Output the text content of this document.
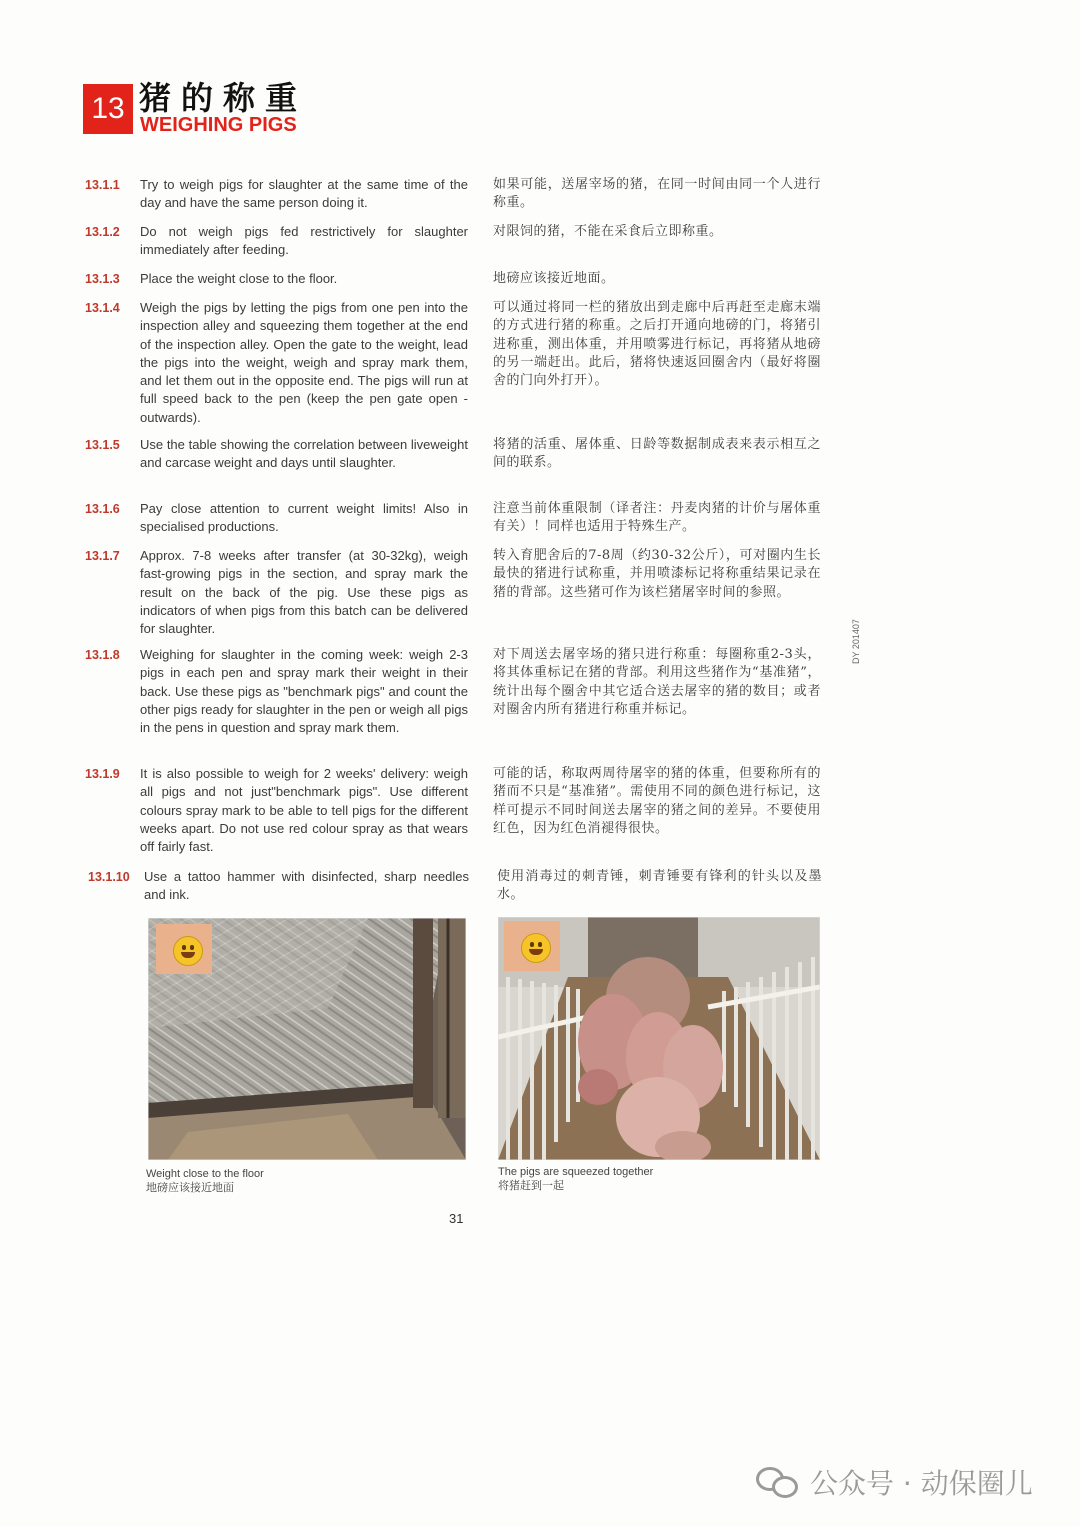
13 猪的称重
WEIGHING PIGS
13.1.1 Try to weigh pigs for slaughter at the same time of the day and have the same person doing it.
如果可能，送屠宰场的猪，在同一时间由同一个人进行称重。
13.1.2 Do not weigh pigs fed restrictively for slaughter immediately after feeding.
对限饲的猪，不能在采食后立即称重。
13.1.3 Place the weight close to the floor.	地磅应该接近地面。
13.1.4 Weigh the pigs by letting the pigs from one pen into the inspection alley and squeezing them together at the end of the inspection alley. Open the gate to the weight, lead the pigs into the weight, weigh and spray mark them, and let them out in the opposite end. The pigs will run at full speed back to the pen (keep the pen gate open - outwards).
可以通过将同一栏的猪放出到走廊中后再赶至走廊末端的方式进行猪的称重。之后打开通向地磅的门，将猪引进称重，测出体重，并用喷雾进行标记，再将猪从地磅的另一端赶出。此后，猪将快速返回圈舍内（最好将圈舍的门向外打开）。
13.1.5 Use the table showing the correlation between liveweight and carcase weight and days until slaughter.
将猪的活重、屠体重、日龄等数据制成表来表示相互之间的联系。
13.1.6 Pay close attention to current weight limits! Also in specialised productions.
注意当前体重限制（译者注：丹麦肉猪的计价与屠体重有关）！同样也适用于特殊生产。
13.1.7 Approx. 7-8 weeks after transfer (at 30-32kg), weigh fast-growing pigs in the section, and spray mark the result on the back of the pig. Use these pigs as indicators of when pigs from this batch can be delivered for slaughter.
转入育肥舍后的7-8周（约30-32公斤），可对圈内生长最快的猪进行试称重，并用喷漆标记将称重结果记录在猪的背部。这些猪可作为该栏猪屠宰时间的参照。
13.1.8 Weighing for slaughter in the coming week: weigh 2-3 pigs in each pen and spray mark their weight in their back. Use these pigs as "benchmark pigs" and count the other pigs ready for slaughter in the pen or weigh all pigs in the pens in question and spray mark them.
对下周送去屠宰场的猪只进行称重：每圈称重2-3头，将其体重标记在猪的背部。利用这些猪作为“基准猪”，统计出每个圈舍中其它适合送去屠宰的猪的数目；或者对圈舍内所有猪进行称重并标记。
13.1.9 It is also possible to weigh for 2 weeks' delivery: weigh all pigs and not just"benchmark pigs". Use different colours spray mark to be able to tell pigs for the different weeks apart. Do not use red colour spray as that wears off fairly fast.
可能的话，称取两周待屠宰的猪的体重，但要称所有的猪而不只是“基准猪”。需使用不同的颜色进行标记，这样可提示不同时间送去屠宰的猪之间的差异。不要使用红色，因为红色消褪得很快。
13.1.10 Use a tattoo hammer with disinfected, sharp needles and ink.
使用消毒过的刺青锤，刺青锤要有锋利的针头以及墨水。
Weight close to the floor
地磅应该接近地面
The pigs are squeezed together
将猪赶到一起
31
DY 201407
公众号 · 动保圈儿
